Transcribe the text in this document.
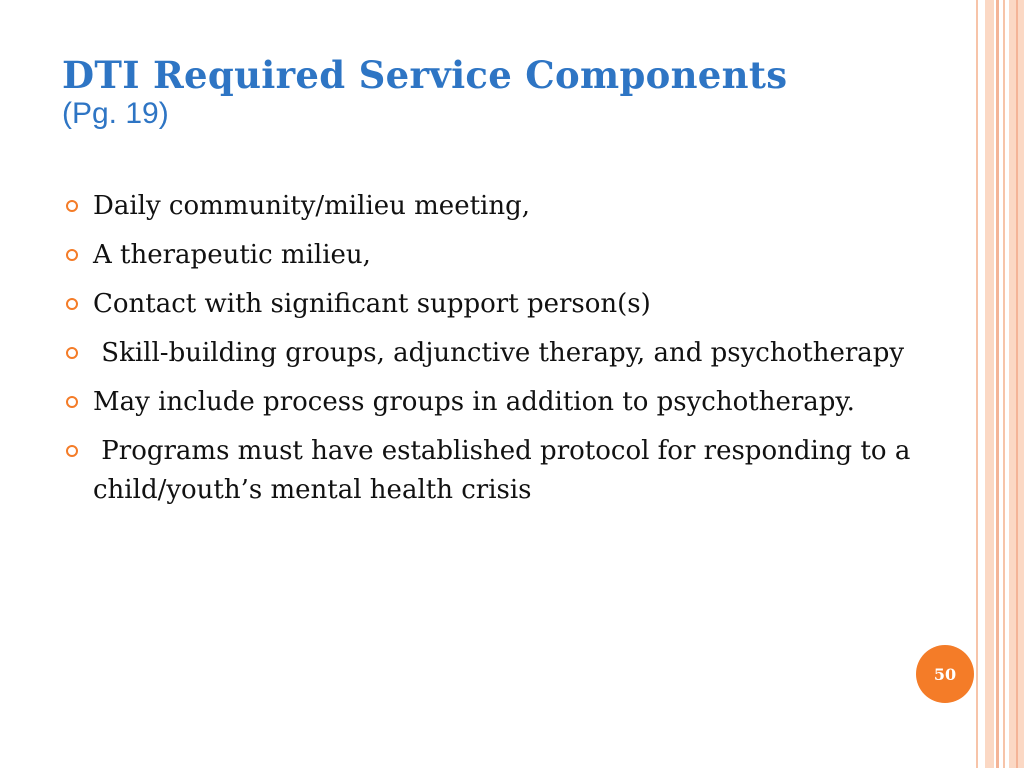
DTI Required Service Components
(Pg. 19)
Daily community/milieu meeting,
A therapeutic milieu,
Contact with significant support person(s)
Skill-building groups, adjunctive therapy, and psychotherapy
May include process groups in addition to psychotherapy.
Programs must have established protocol for responding to a child/youth’s mental health crisis
50
